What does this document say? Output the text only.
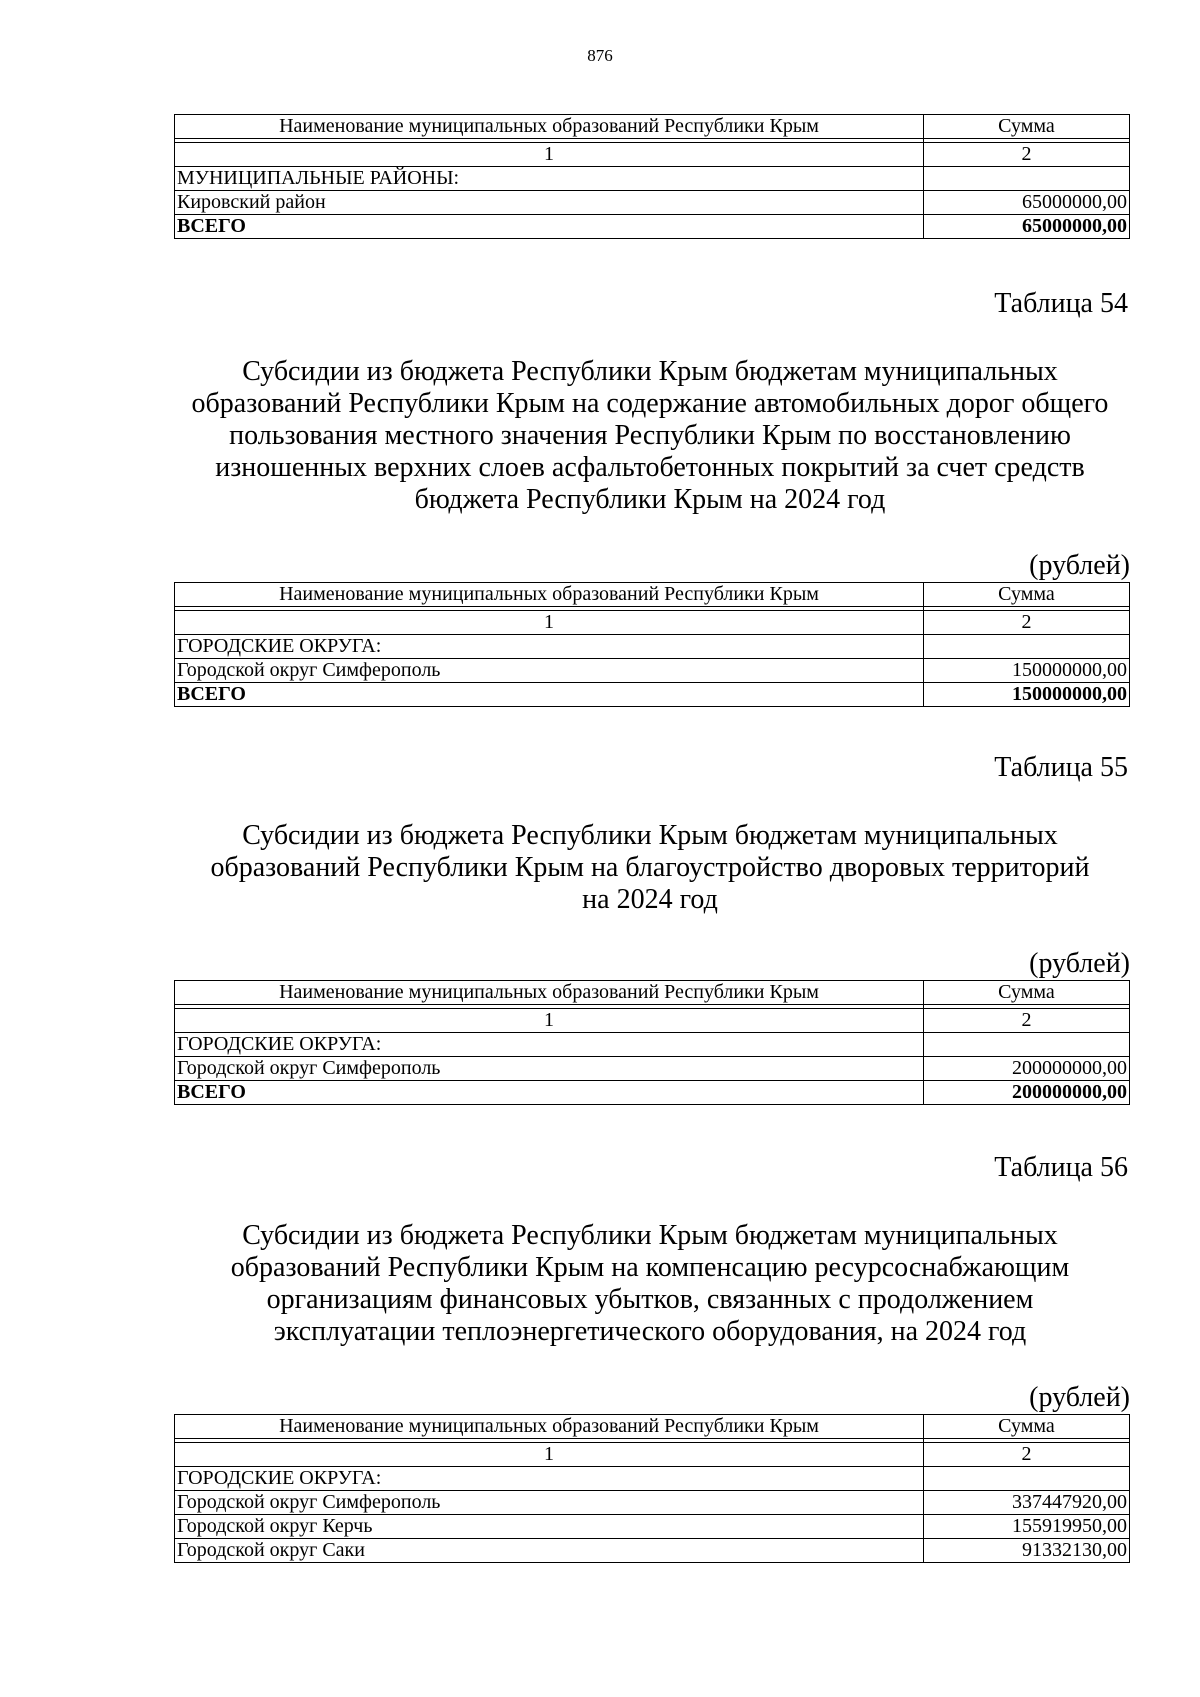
876
Наименование муниципальных образований Республики Крым	Сумма

1	2
МУНИЦИПАЛЬНЫЕ РАЙОНЫ:	
Кировский район	65000000,00
ВСЕГО	65000000,00
Таблица 54
Субсидии из бюджета Республики Крым бюджетам муниципальных
образований Республики Крым на содержание автомобильных дорог общего
пользования местного значения Республики Крым по восстановлению
изношенных верхних слоев асфальтобетонных покрытий за счет средств
бюджета Республики Крым на 2024 год
(рублей)
Наименование муниципальных образований Республики Крым	Сумма

1	2
ГОРОДСКИЕ ОКРУГА:	
Городской округ Симферополь	150000000,00
ВСЕГО	150000000,00
Таблица 55
Субсидии из бюджета Республики Крым бюджетам муниципальных
образований Республики Крым на благоустройство дворовых территорий
на 2024 год
(рублей)
Наименование муниципальных образований Республики Крым	Сумма

1	2
ГОРОДСКИЕ ОКРУГА:	
Городской округ Симферополь	200000000,00
ВСЕГО	200000000,00
Таблица 56
Субсидии из бюджета Республики Крым бюджетам муниципальных
образований Республики Крым на компенсацию ресурсоснабжающим
организациям финансовых убытков, связанных с продолжением
эксплуатации теплоэнергетического оборудования, на 2024 год
(рублей)
Наименование муниципальных образований Республики Крым	Сумма

1	2
ГОРОДСКИЕ ОКРУГА:	
Городской округ Симферополь	337447920,00
Городской округ Керчь	155919950,00
Городской округ Саки	91332130,00
